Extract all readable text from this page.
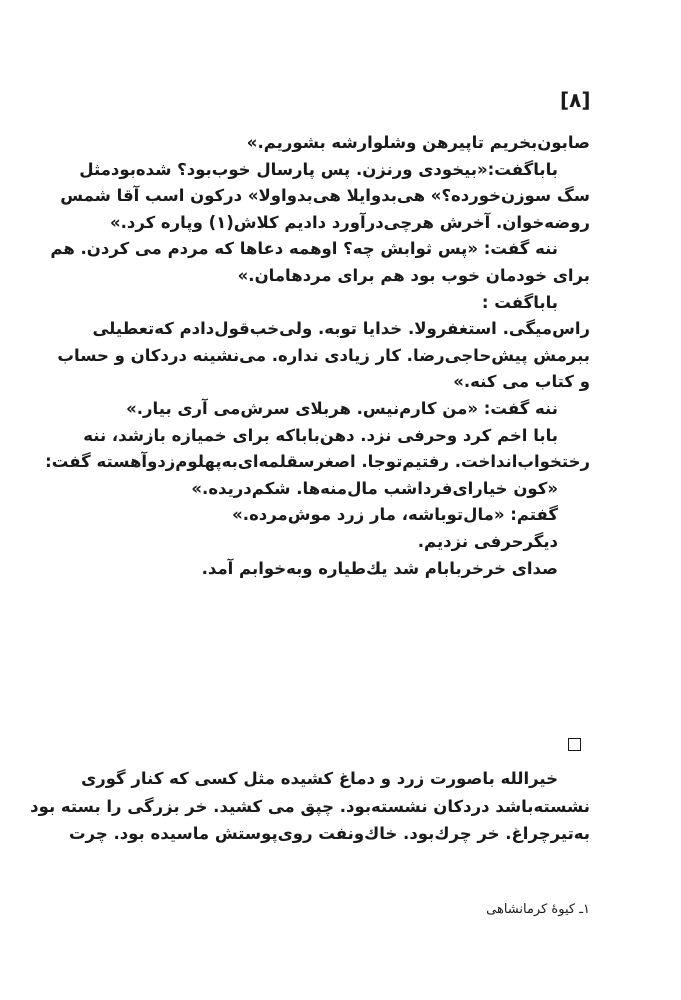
[۸]

صابون‌بخریم تاپیرهن وشلوارشه بشوریم.»

باباگفت:«بیخودی ورنزن. پس پارسال خوب‌بود؟ شده‌بودمثل

سگ سوزن‌خورده؟» هی‌بدوایلا هی‌بدواولا» درکون اسب آقا شمس

روضه‌خوان. آخرش هرچی‌درآورد دادیم کلاش(۱) وپاره کرد.»

ننه گفت: «پس ثوابش چه؟ اوهمه دعاها که مردم می کردن. هم

برای خودمان خوب بود هم برای مردهامان.»

باباگفت :

راس‌میگی. استغفرولا. خدایا توبه. ولی‌خب‌قول‌دادم که‌تعطیلی

ببرمش پیش‌حاجی‌رضا. کار زیادی نداره. می‌نشینه دردکان و حساب

و کتاب می کنه.»

ننه گفت: «من کارم‌نیس. هربلای سرش‌می آری بیار.»

بابا اخم کرد وحرفی نزد. دهن‌باباکه برای خمیازه بازشد، ننه

رختخواب‌انداخت. رفتیم‌توجا. اصغرسقلمه‌ای‌به‌پهلوم‌زدوآهسته گفت:

«کون خیارای‌فرداشب مال‌منه‌ها. شکم‌دریده.»

گفتم: «مال‌توباشه، مار زرد موش‌مرده.»

دیگرحرفی نزدیم.

صدای خرخربابام شد یك‌طیاره وبه‌خوابم آمد.

خیرالله باصورت زرد و دماغ کشیده مثل کسی که کنار گوری

نشسته‌باشد دردکان نشسته‌بود. چپق می کشید. خر بزرگی را بسته بود

به‌تیرچراغ. خر چرك‌بود. خاك‌ونفت روی‌پوستش ماسیده بود. چرت

۱ـ کیوهٔ کرمانشاهی
